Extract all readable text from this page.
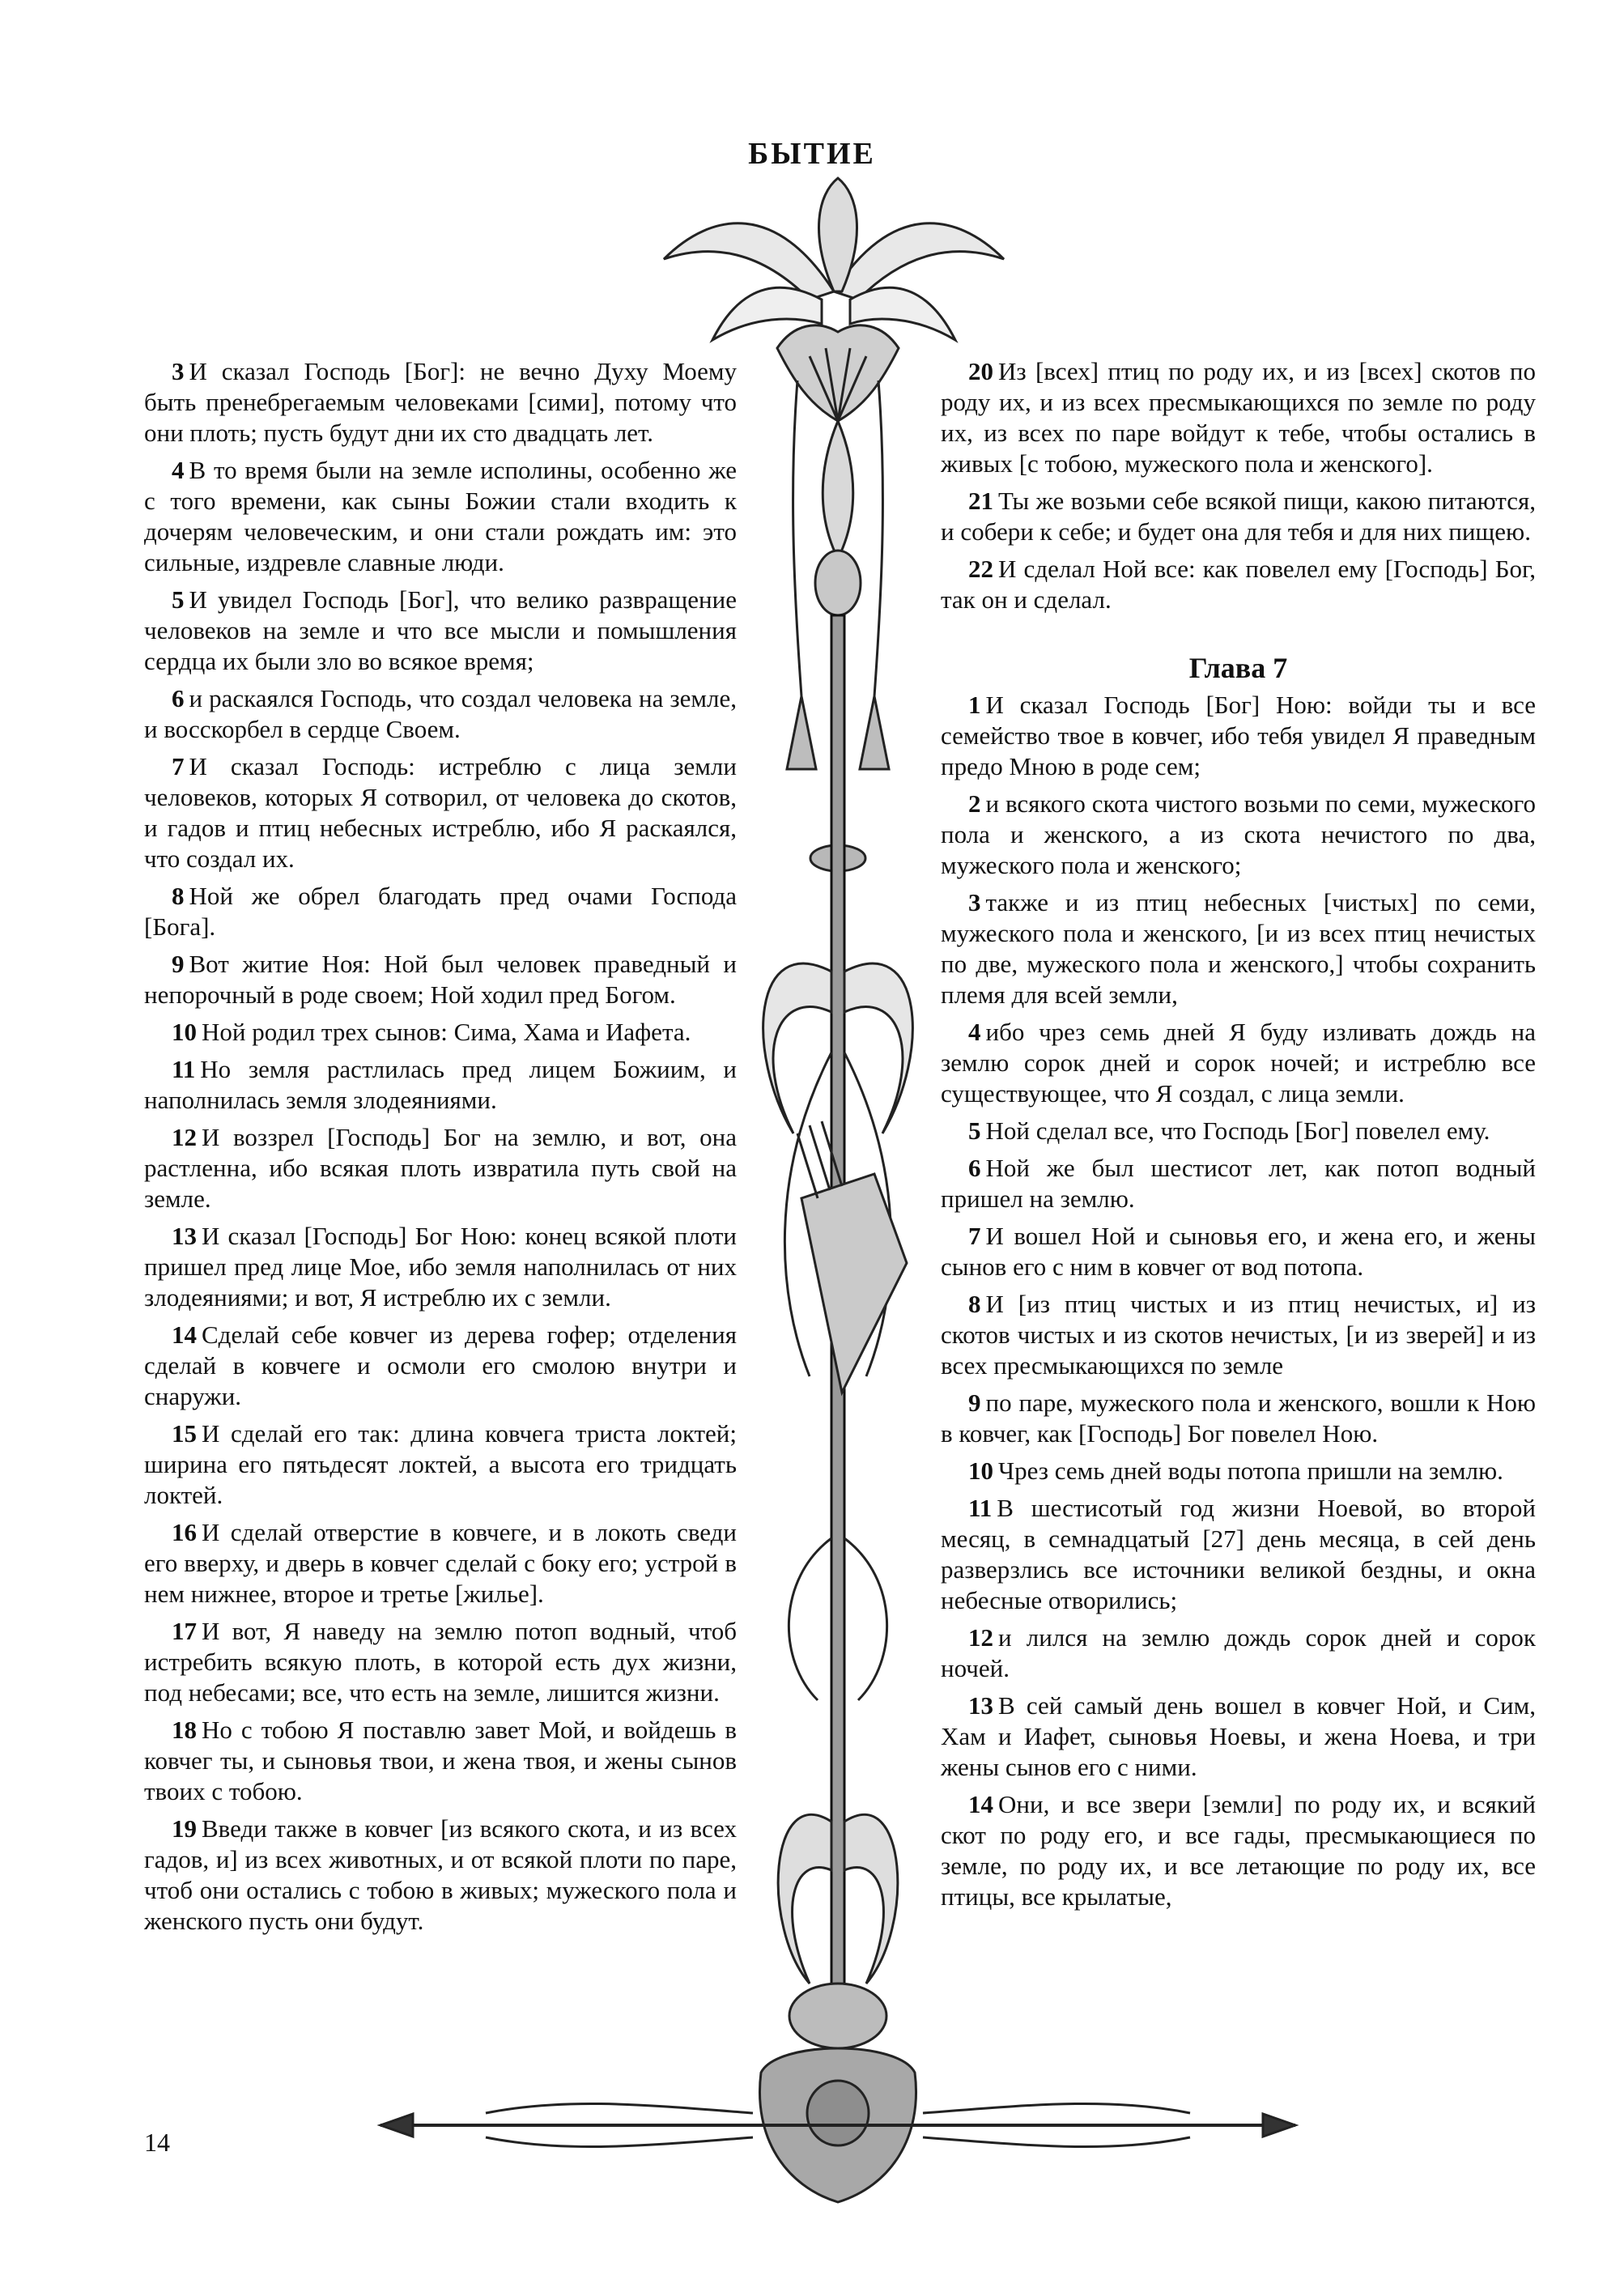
БЫТИЕ

3 И сказал Господь [Бог]: не вечно Духу Моему быть пренебрегаемым человеками [сими], потому что они плоть; пусть будут дни их сто двадцать лет.

4 В то время были на земле исполины, особенно же с того времени, как сыны Божии стали входить к дочерям человеческим, и они стали рождать им: это сильные, издревле славные люди.

5 И увидел Господь [Бог], что велико развращение человеков на земле и что все мысли и помышления сердца их были зло во всякое время;

6 и раскаялся Господь, что создал человека на земле, и восскорбел в сердце Своем.

7 И сказал Господь: истреблю с лица земли человеков, которых Я сотворил, от человека до скотов, и гадов и птиц небесных истреблю, ибо Я раскаялся, что создал их.

8 Ной же обрел благодать пред очами Господа [Бога].

9 Вот житие Ноя: Ной был человек праведный и непорочный в роде своем; Ной ходил пред Богом.

10 Ной родил трех сынов: Сима, Хама и Иафета.

11 Но земля растлилась пред лицем Божиим, и наполнилась земля злодеяниями.

12 И воззрел [Господь] Бог на землю, и вот, она растленна, ибо всякая плоть извратила путь свой на земле.

13 И сказал [Господь] Бог Ною: конец всякой плоти пришел пред лице Мое, ибо земля наполнилась от них злодеяниями; и вот, Я истреблю их с земли.

14 Сделай себе ковчег из дерева гофер; отделения сделай в ковчеге и осмоли его смолою внутри и снаружи.

15 И сделай его так: длина ковчега триста локтей; ширина его пятьдесят локтей, а высота его тридцать локтей.

16 И сделай отверстие в ковчеге, и в локоть сведи его вверху, и дверь в ковчег сделай с боку его; устрой в нем нижнее, второе и третье [жилье].

17 И вот, Я наведу на землю потоп водный, чтоб истребить всякую плоть, в которой есть дух жизни, под небесами; все, что есть на земле, лишится жизни.

18 Но с тобою Я поставлю завет Мой, и войдешь в ковчег ты, и сыновья твои, и жена твоя, и жены сынов твоих с тобою.

19 Введи также в ковчег [из всякого скота, и из всех гадов, и] из всех животных, и от всякой плоти по паре, чтоб они остались с тобою в живых; мужеского пола и женского пусть они будут.

20 Из [всех] птиц по роду их, и из [всех] скотов по роду их, и из всех пресмыкающихся по земле по роду их, из всех по паре войдут к тебе, чтобы остались в живых [с тобою, мужеского пола и женского].

21 Ты же возьми себе всякой пищи, какою питаются, и собери к себе; и будет она для тебя и для них пищею.

22 И сделал Ной все: как повелел ему [Господь] Бог, так он и сделал.

Глава 7

1 И сказал Господь [Бог] Ною: войди ты и все семейство твое в ковчег, ибо тебя увидел Я праведным предо Мною в роде сем;

2 и всякого скота чистого возьми по семи, мужеского пола и женского, а из скота нечистого по два, мужеского пола и женского;

3 также и из птиц небесных [чистых] по семи, мужеского пола и женского, [и из всех птиц нечистых по две, мужеского пола и женского,] чтобы сохранить племя для всей земли,

4 ибо чрез семь дней Я буду изливать дождь на землю сорок дней и сорок ночей; и истреблю все существующее, что Я создал, с лица земли.

5 Ной сделал все, что Господь [Бог] повелел ему.

6 Ной же был шестисот лет, как потоп водный пришел на землю.

7 И вошел Ной и сыновья его, и жена его, и жены сынов его с ним в ковчег от вод потопа.

8 И [из птиц чистых и из птиц нечистых, и] из скотов чистых и из скотов нечистых, [и из зверей] и из всех пресмыкающихся по земле

9 по паре, мужеского пола и женского, вошли к Ною в ковчег, как [Господь] Бог повелел Ною.

10 Чрез семь дней воды потопа пришли на землю.

11 В шестисотый год жизни Ноевой, во второй месяц, в семнадцатый [27] день месяца, в сей день разверзлись все источники великой бездны, и окна небесные отворились;

12 и лился на землю дождь сорок дней и сорок ночей.

13 В сей самый день вошел в ковчег Ной, и Сим, Хам и Иафет, сыновья Ноевы, и жена Ноева, и три жены сынов его с ними.

14 Они, и все звери [земли] по роду их, и всякий скот по роду его, и все гады, пресмыкающиеся по земле, по роду их, и все летающие по роду их, все птицы, все крылатые,

14
